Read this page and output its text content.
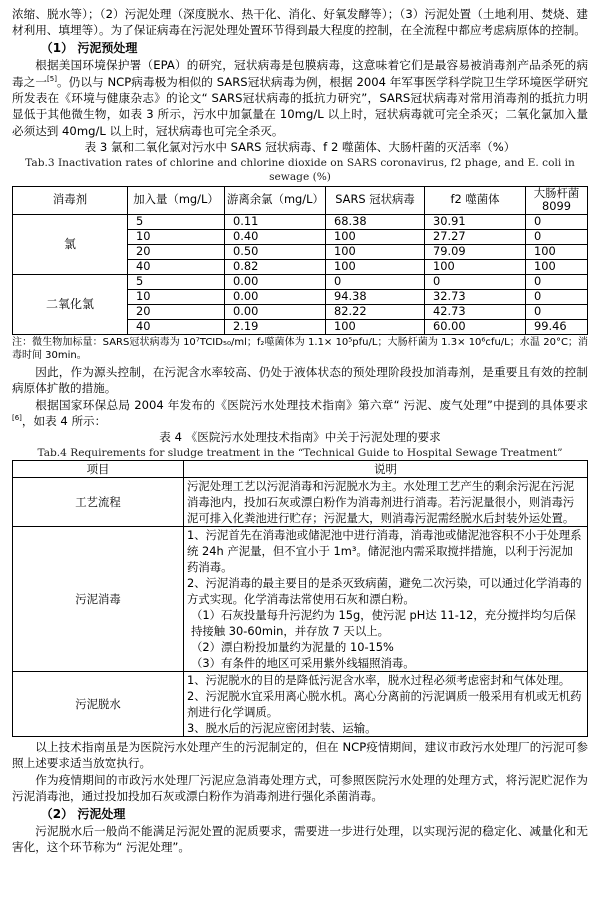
浓缩、脱水等）；（2）污泥处理（深度脱水、热干化、消化、好氧发酵等）；（3）污泥处置（土地利用、焚烧、建材利用、填埋等）。为了保证病毒在污泥处理处置环节得到最大程度的控制，在全流程中都应考虑病原体的控制。

（1） 污泥预处理

根据美国环境保护署（EPA）的研究，冠状病毒是包膜病毒，这意味着它们是最容易被消毒剂产品杀死的病毒之一[5]。仍以与 NCP病毒极为相似的 SARS冠状病毒为例，根据 2004 年军事医学科学院卫生学环境医学研究所发表在《环境与健康杂志》的论文“ SARS冠状病毒的抵抗力研究”，SARS冠状病毒对常用消毒剂的抵抗力明显低于其他微生物，如表 3 所示，污水中加氯量在 10mg/L 以上时，冠状病毒就可完全杀灭；二氧化氯加入量必须达到 40mg/L 以上时，冠状病毒也可完全杀灭。

表 3 氯和二氧化氯对污水中 SARS 冠状病毒、f 2 噬菌体、大肠杆菌的灭活率（%）

Tab.3 Inactivation rates of chlorine and chlorine dioxide on SARS coronavirus, f2 phage, and E. coli in sewage (%)

消毒剂	加入量（mg/L）	游离余氯（mg/L）	SARS 冠状病毒	f2 噬菌体	大肠杆菌 8099
氯	5	0.11	68.38	30.91	0
	10	0.40	100	27.27	0
	20	0.50	100	79.09	100
	40	0.82	100	100	100
二氧化氯	5	0.00	0	0	0
	10	0.00	94.38	32.73	0
	20	0.00	82.22	42.73	0
	40	2.19	100	60.00	99.46

注：微生物加标量：SARS冠状病毒为 10⁷TCID₅₀/ml；f₂噬菌体为 1.1× 10⁵pfu/L；大肠杆菌为 1.3× 10⁶cfu/L；水温 20°C；消毒时间 30min。

因此，作为源头控制，在污泥含水率较高、仍处于液体状态的预处理阶段投加消毒剂，是重要且有效的控制病原体扩散的措施。

根据国家环保总局 2004 年发布的《医院污水处理技术指南》第六章“ 污泥、废气处理”中提到的具体要求[6]，如表 4 所示：

表 4 《医院污水处理技术指南》中关于污泥处理的要求

Tab.4 Requirements for sludge treatment in the “Technical Guide to Hospital Sewage Treatment”

项目	说明
工艺流程	污泥处理工艺以污泥消毒和污泥脱水为主。水处理工艺产生的剩余污泥在污泥消毒池内，投加石灰或漂白粉作为消毒剂进行消毒。若污泥量很小，则消毒污泥可排入化粪池进行贮存；污泥量大，则消毒污泥需经脱水后封装外运处置。

污泥消毒	1、污泥首先在消毒池或储泥池中进行消毒，消毒池或储泥池容积不小于处理系统 24h 产泥量，但不宜小于 1m³。储泥池内需采取搅拌措施，以利于污泥加药消毒。
2、污泥消毒的最主要目的是杀灭致病菌，避免二次污染，可以通过化学消毒的方式实现。化学消毒法常使用石灰和漂白粉。
（1）石灰投量每升污泥约为 15g，使污泥 pH达 11-12，充分搅拌均匀后保持接触 30-60min，并存放 7 天以上。
（2）漂白粉投加量约为泥量的 10-15%
（3）有条件的地区可采用紫外线辐照消毒。

污泥脱水	1、污泥脱水的目的是降低污泥含水率，脱水过程必须考虑密封和气体处理。
2、污泥脱水宜采用离心脱水机。离心分离前的污泥调质一般采用有机或无机药剂进行化学调质。
3、脱水后的污泥应密闭封装、运输。

以上技术指南虽是为医院污水处理产生的污泥制定的，但在 NCP疫情期间，建议市政污水处理厂的污泥可参照上述要求适当放宽执行。

作为疫情期间的市政污水处理厂污泥应急消毒处理方式，可参照医院污水处理的处理方式，将污泥贮泥作为污泥消毒池，通过投加投加石灰或漂白粉作为消毒剂进行强化杀菌消毒。

（2） 污泥处理

污泥脱水后一般尚不能满足污泥处置的泥质要求，需要进一步进行处理，以实现污泥的稳定化、减量化和无害化，这个环节称为“ 污泥处理”。
